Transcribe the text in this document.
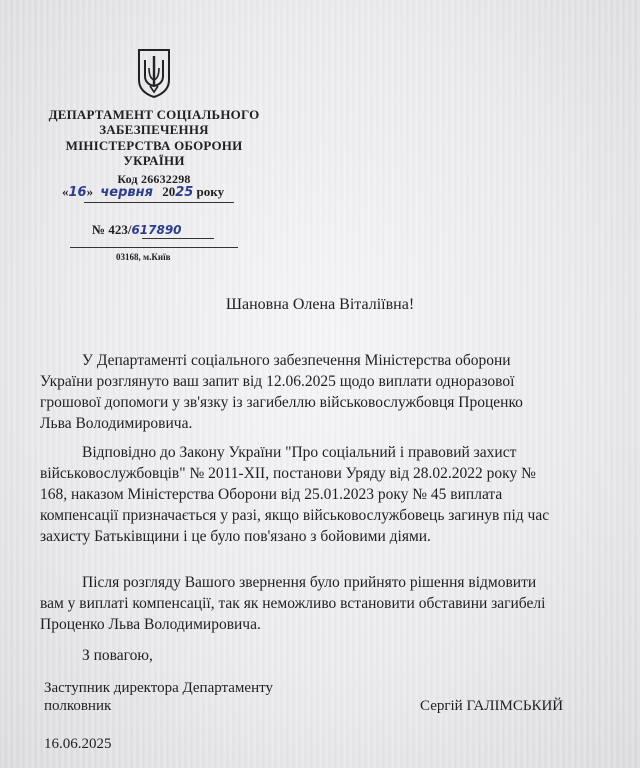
ДЕПАРТАМЕНТ СОЦІАЛЬНОГО
ЗАБЕЗПЕЧЕННЯ
МІНІСТЕРСТВА ОБОРОНИ
УКРАЇНИ
Код 26632298
«16» червня 2025 року
№ 423/617890
03168, м.Київ
Шановна Олена Віталіївна!
У Департаменті соціального забезпечення Міністерства оборони
України розглянуто ваш запит від 12.06.2025 щодо виплати одноразової
грошової допомоги у зв'язку із загибеллю військовослужбовця Проценко
Льва Володимировича.
Відповідно до Закону України "Про соціальний і правовий захист
військовослужбовців" № 2011-XII, постанови Уряду від 28.02.2022 року №
168, наказом Міністерства Оборони від 25.01.2023 року № 45 виплата
компенсації призначається у разі, якщо військовослужбовець загинув під час
захисту Батьківщини і це було пов'язано з бойовими діями.
Після розгляду Вашого звернення було прийнято рішення відмовити
вам у виплаті компенсації, так як неможливо встановити обставини загибелі
Проценко Льва Володимировича.
З повагою,
Заступник директора Департаменту
полковник	Сергій ГАЛІМСЬКИЙ
16.06.2025
